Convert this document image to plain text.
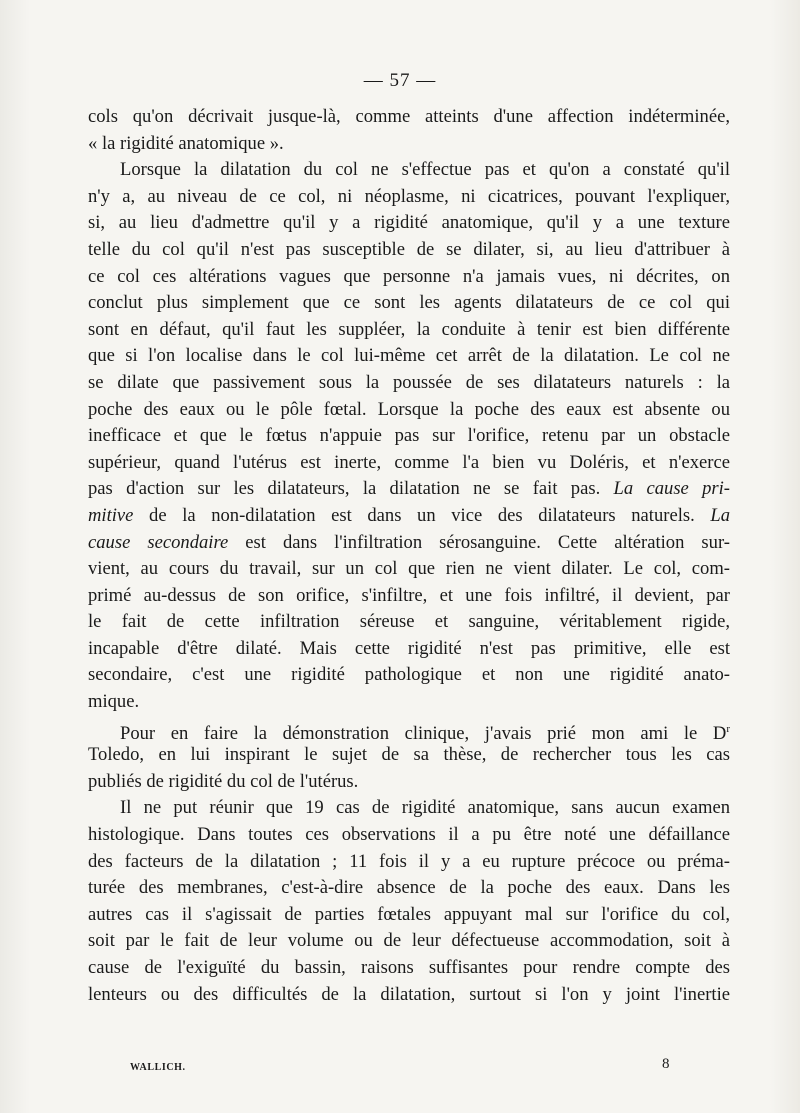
— 57 —
cols qu'on décrivait jusque-là, comme atteints d'une affection indéterminée,
« la rigidité anatomique ».
Lorsque la dilatation du col ne s'effectue pas et qu'on a constaté qu'il
n'y a, au niveau de ce col, ni néoplasme, ni cicatrices, pouvant l'expliquer,
si, au lieu d'admettre qu'il y a rigidité anatomique, qu'il y a une texture
telle du col qu'il n'est pas susceptible de se dilater, si, au lieu d'attribuer à
ce col ces altérations vagues que personne n'a jamais vues, ni décrites, on
conclut plus simplement que ce sont les agents dilatateurs de ce col qui
sont en défaut, qu'il faut les suppléer, la conduite à tenir est bien différente
que si l'on localise dans le col lui-même cet arrêt de la dilatation. Le col ne
se dilate que passivement sous la poussée de ses dilatateurs naturels : la
poche des eaux ou le pôle fœtal. Lorsque la poche des eaux est absente ou
inefficace et que le fœtus n'appuie pas sur l'orifice, retenu par un obstacle
supérieur, quand l'utérus est inerte, comme l'a bien vu Doléris, et n'exerce
pas d'action sur les dilatateurs, la dilatation ne se fait pas. La cause pri-
mitive de la non-dilatation est dans un vice des dilatateurs naturels. La
cause secondaire est dans l'infiltration sérosanguine. Cette altération sur-
vient, au cours du travail, sur un col que rien ne vient dilater. Le col, com-
primé au-dessus de son orifice, s'infiltre, et une fois infiltré, il devient, par
le fait de cette infiltration séreuse et sanguine, véritablement rigide,
incapable d'être dilaté. Mais cette rigidité n'est pas primitive, elle est
secondaire, c'est une rigidité pathologique et non une rigidité anato-
mique.
Pour en faire la démonstration clinique, j'avais prié mon ami le $D^r$
Toledo, en lui inspirant le sujet de sa thèse, de rechercher tous les cas
publiés de rigidité du col de l'utérus.
Il ne put réunir que 19 cas de rigidité anatomique, sans aucun examen
histologique. Dans toutes ces observations il a pu être noté une défaillance
des facteurs de la dilatation ; 11 fois il y a eu rupture précoce ou préma-
turée des membranes, c'est-à-dire absence de la poche des eaux. Dans les
autres cas il s'agissait de parties fœtales appuyant mal sur l'orifice du col,
soit par le fait de leur volume ou de leur défectueuse accommodation, soit à
cause de l'exiguïté du bassin, raisons suffisantes pour rendre compte des
lenteurs ou des difficultés de la dilatation, surtout si l'on y joint l'inertie
WALLICH.	8
